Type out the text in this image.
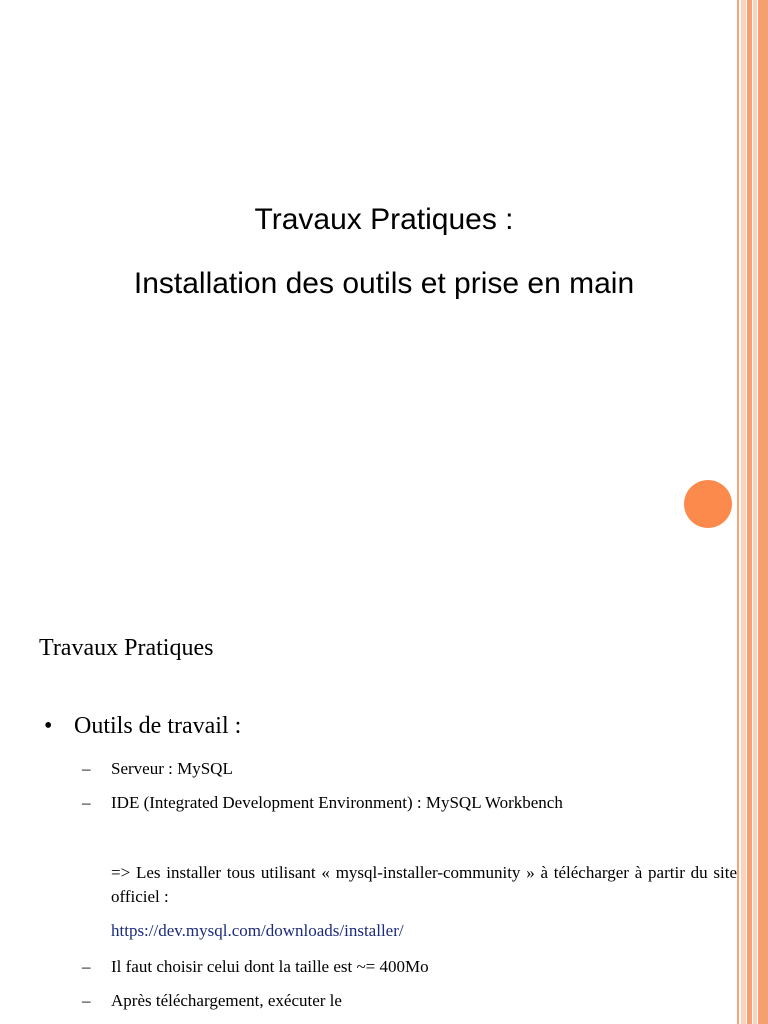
Travaux Pratiques :
Installation des outils et prise en main
Travaux Pratiques
• Outils de travail :
– Serveur : MySQL
– IDE (Integrated Development Environment) : MySQL Workbench
=> Les installer tous utilisant « mysql-installer-community » à télécharger à partir du site officiel :
https://dev.mysql.com/downloads/installer/
– Il faut choisir celui dont la taille est ~= 400Mo
– Après téléchargement, exécuter le
